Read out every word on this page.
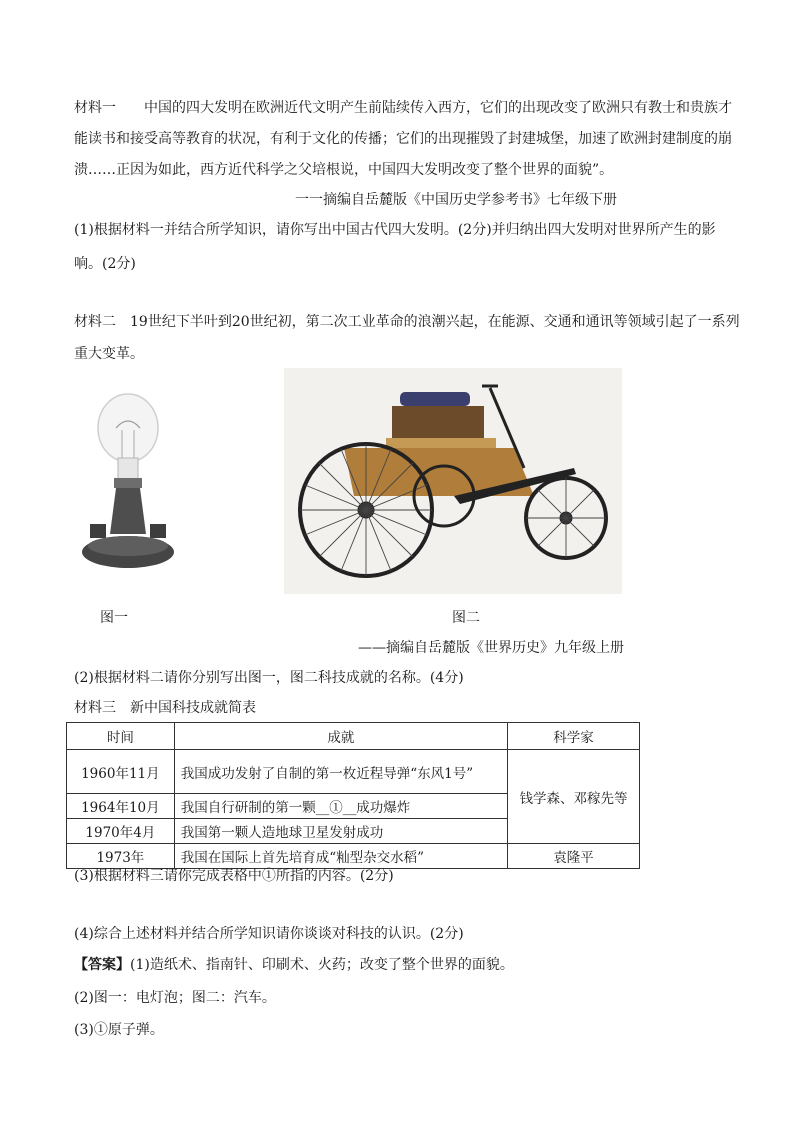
材料一　　中国的四大发明在欧洲近代文明产生前陆续传入西方，它们的出现改变了欧洲只有教士和贵族才
能读书和接受高等教育的状况，有利于文化的传播；它们的出现摧毁了封建城堡，加速了欧洲封建制度的崩
溃……正因为如此，西方近代科学之父培根说，中国四大发明改变了整个世界的面貌”。
一一摘编自岳麓版《中国历史学参考书》七年级下册
(1)根据材料一并结合所学知识，请你写出中国古代四大发明。(2分)并归纳出四大发明对世界所产生的影
响。(2分)
材料二　19世纪下半叶到20世纪初，第二次工业革命的浪潮兴起，在能源、交通和通讯等领域引起了一系列
重大变革。
图一	图二
——摘编自岳麓版《世界历史》九年级上册
(2)根据材料二请你分别写出图一，图二科技成就的名称。(4分)
材料三　新中国科技成就简表
时间	成就	科学家
1960年11月	我国成功发射了自制的第一枚近程导弹“东风1号”	钱学森、邓稼先等
1964年10月	我国自行研制的第一颗__①__成功爆炸	
1970年4月	我国第一颗人造地球卫星发射成功	
1973年	我国在国际上首先培育成“籼型杂交水稻”	袁隆平
(3)根据材料三请你完成表格中①所指的内容。(2分)
(4)综合上述材料并结合所学知识请你谈谈对科技的认识。(2分)
【答案】(1)造纸术、指南针、印刷术、火药；改变了整个世界的面貌。
(2)图一：电灯泡；图二：汽车。
(3)①原子弹。
